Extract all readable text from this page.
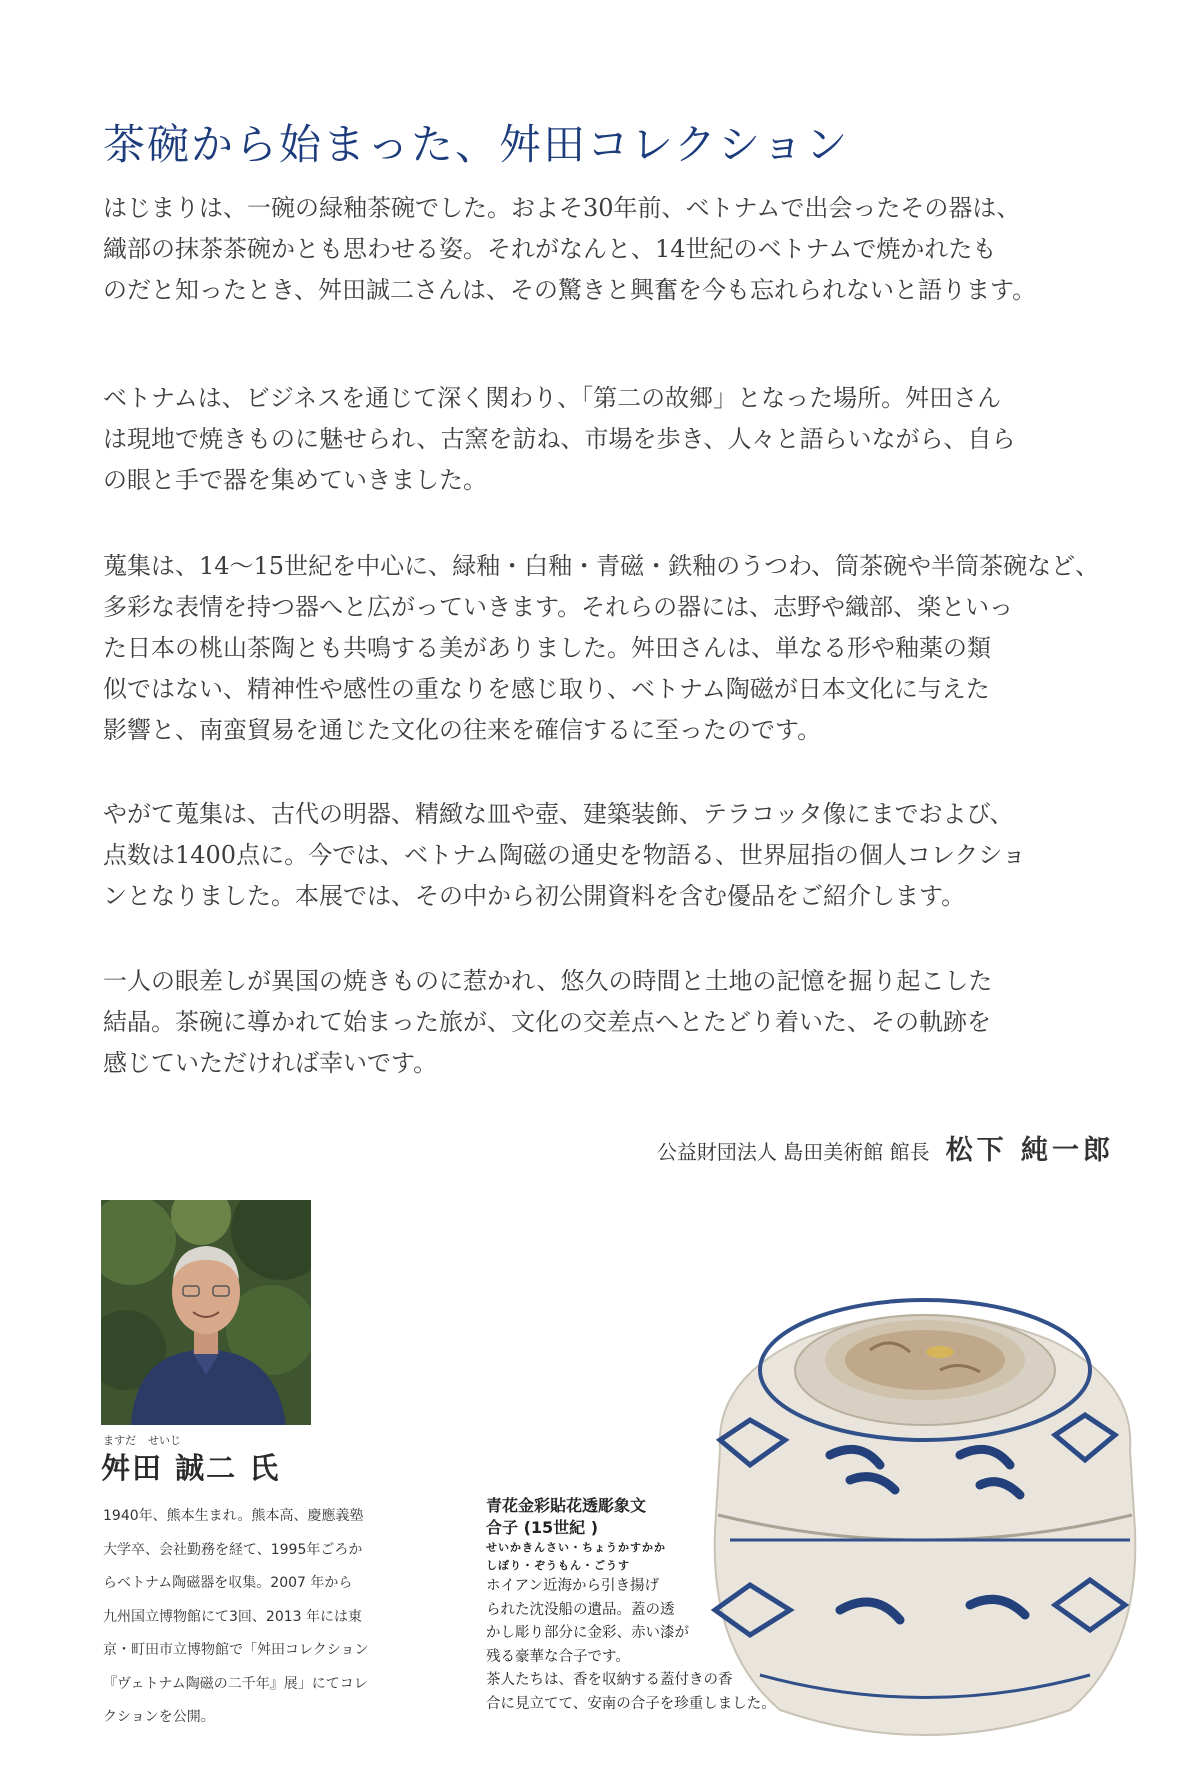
茶碗から始まった、舛田コレクション

はじまりは、一碗の緑釉茶碗でした。およそ30年前、ベトナムで出会ったその器は、
織部の抹茶茶碗かとも思わせる姿。それがなんと、14世紀のベトナムで焼かれたも
のだと知ったとき、舛田誠二さんは、その驚きと興奮を今も忘れられないと語ります。

ベトナムは、ビジネスを通じて深く関わり、「第二の故郷」となった場所。舛田さん
は現地で焼きものに魅せられ、古窯を訪ね、市場を歩き、人々と語らいながら、自ら
の眼と手で器を集めていきました。

蒐集は、14〜15世紀を中心に、緑釉・白釉・青磁・鉄釉のうつわ、筒茶碗や半筒茶碗など、
多彩な表情を持つ器へと広がっていきます。それらの器には、志野や織部、楽といっ
た日本の桃山茶陶とも共鳴する美がありました。舛田さんは、単なる形や釉薬の類
似ではない、精神性や感性の重なりを感じ取り、ベトナム陶磁が日本文化に与えた
影響と、南蛮貿易を通じた文化の往来を確信するに至ったのです。

やがて蒐集は、古代の明器、精緻な皿や壺、建築装飾、テラコッタ像にまでおよび、
点数は1400点に。今では、ベトナム陶磁の通史を物語る、世界屈指の個人コレクショ
ンとなりました。本展では、その中から初公開資料を含む優品をご紹介します。

一人の眼差しが異国の焼きものに惹かれ、悠久の時間と土地の記憶を掘り起こした
結晶。茶碗に導かれて始まった旅が、文化の交差点へとたどり着いた、その軌跡を
感じていただければ幸いです。

公益財団法人 島田美術館 館長 松下 純一郎
ますだ せいじ
舛田 誠二 氏
1940年、熊本生まれ。熊本高、慶應義塾
大学卒、会社勤務を経て、1995年ごろか
らベトナム陶磁器を収集。2007 年から
九州国立博物館にて3回、2013 年には東
京・町田市立博物館で「舛田コレクション
『ヴェトナム陶磁の二千年』展」にてコレ
クションを公開。
青花金彩貼花透彫象文
合子 (15世紀 )
せいかきんさい・ちょうかすかか
しぼり・ぞうもん・ごうす
ホイアン近海から引き揚げ
られた沈没船の遺品。蓋の透
かし彫り部分に金彩、赤い漆が
残る豪華な合子です。
茶人たちは、香を収納する蓋付きの香
合に見立てて、安南の合子を珍重しました。
